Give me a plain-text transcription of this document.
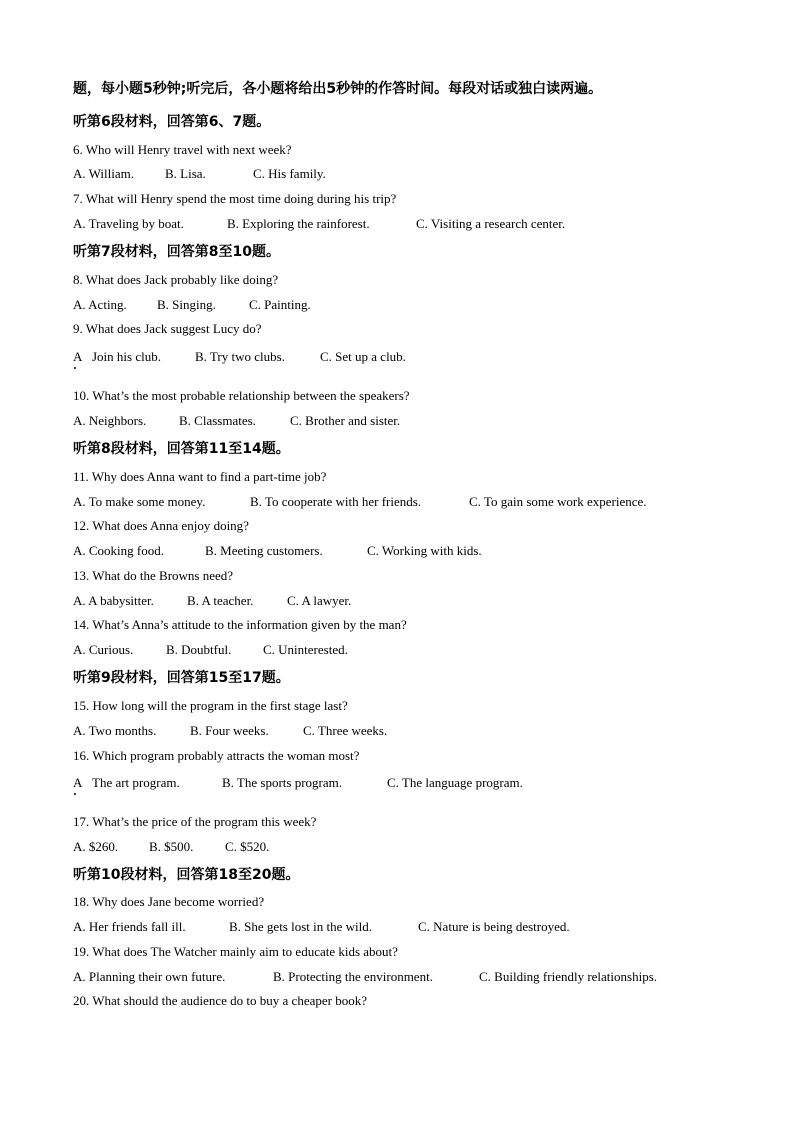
题，每小题5秒钟;听完后，各小题将给出5秒钟的作答时间。每段对话或独白读两遍。
听第6段材料，回答第6、7题。
6. Who will Henry travel with next week?
A. William. B. Lisa.	C. His family.
7. What will Henry spend the most time doing during his trip?
A. Traveling by boat.	B. Exploring the rainforest.	C. Visiting a research center.
听第7段材料，回答第8至10题。
8. What does Jack probably like doing?
A. Acting. B. Singing.	C. Painting.
9. What does Jack suggest Lucy do?
A Join his club.	B. Try two clubs.	C. Set up a club.
10. What’s the most probable relationship between the speakers?
A. Neighbors.	B. Classmates.	C. Brother and sister.
听第8段材料，回答第11至14题。
11. Why does Anna want to find a part-time job?
A. To make some money.	B. To cooperate with her friends.	C. To gain some work experience.
12. What does Anna enjoy doing?
A. Cooking food.	B. Meeting customers.	C. Working with kids.
13. What do the Browns need?
A. A babysitter.	B. A teacher.	C. A lawyer.
14. What’s Anna’s attitude to the information given by the man?
A. Curious.	B. Doubtful. C. Uninterested.
听第9段材料，回答第15至17题。
15. How long will the program in the first stage last?
A. Two months.	B. Four weeks.	C. Three weeks.
16. Which program probably attracts the woman most?
A The art program.	B. The sports program.	C. The language program.
17. What’s the price of the program this week?
A. $260. B. $500. C. $520.
听第10段材料，回答第18至20题。
18. Why does Jane become worried?
A. Her friends fall ill.	B. She gets lost in the wild.	C. Nature is being destroyed.
19. What does The Watcher mainly aim to educate kids about?
A. Planning their own future.	B. Protecting the environment.	C. Building friendly relationships.
20. What should the audience do to buy a cheaper book?
